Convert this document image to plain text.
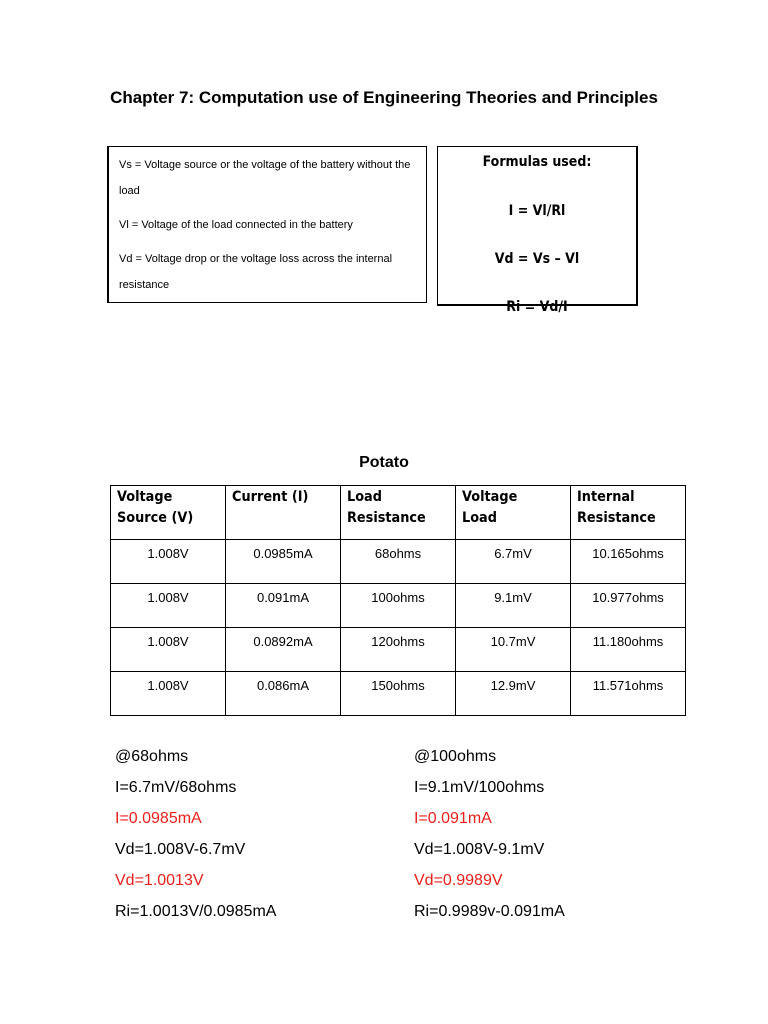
Chapter 7: Computation use of Engineering Theories and Principles

Vs = Voltage source or the voltage of the battery without the load

Vl = Voltage of the load connected in the battery

Vd = Voltage drop or the voltage loss across the internal resistance

Formulas used:
I = Vl/Rl
Vd = Vs – Vl
Ri = Vd/I
Potato
Voltage Source (V)	Current (I)	Load Resistance	Voltage Load	Internal Resistance
1.008V	0.0985mA	68ohms	6.7mV	10.165ohms
1.008V	0.091mA	100ohms	9.1mV	10.977ohms
1.008V	0.0892mA	120ohms	10.7mV	11.180ohms
1.008V	0.086mA	150ohms	12.9mV	11.571ohms
@68ohms
I=6.7mV/68ohms
I=0.0985mA
Vd=1.008V-6.7mV
Vd=1.0013V
Ri=1.0013V/0.0985mA
@100ohms
I=9.1mV/100ohms
I=0.091mA
Vd=1.008V-9.1mV
Vd=0.9989V
Ri=0.9989v-0.091mA
